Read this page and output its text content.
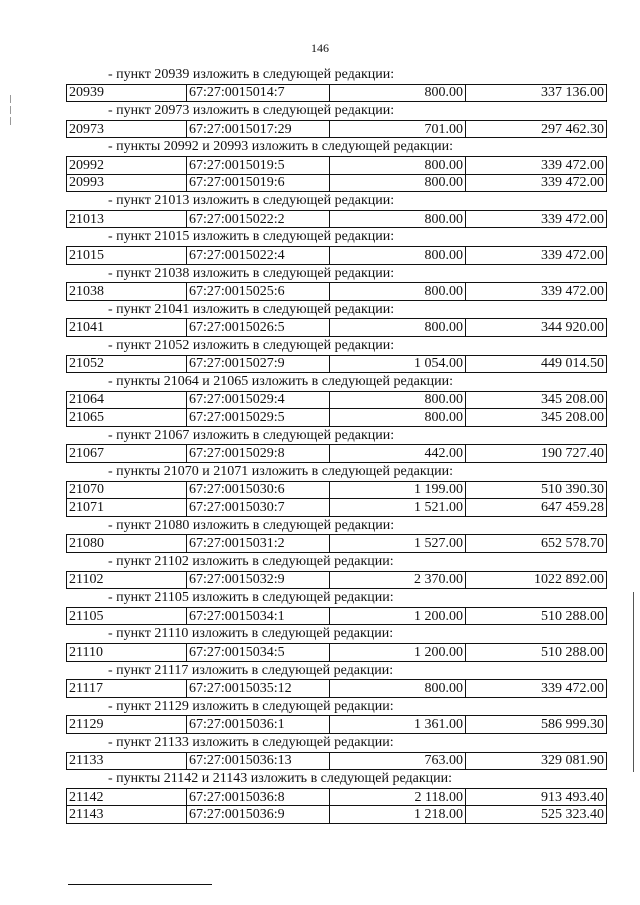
146
- пункт 20939 изложить в следующей редакции:
20939	67:27:0015014:7	800.00	337 136.00
- пункт 20973 изложить в следующей редакции:
20973	67:27:0015017:29	701.00	297 462.30
- пункты 20992 и 20993 изложить в следующей редакции:
20992	67:27:0015019:5	800.00	339 472.00
20993	67:27:0015019:6	800.00	339 472.00
- пункт 21013 изложить в следующей редакции:
21013	67:27:0015022:2	800.00	339 472.00
- пункт 21015 изложить в следующей редакции:
21015	67:27:0015022:4	800.00	339 472.00
- пункт 21038 изложить в следующей редакции:
21038	67:27:0015025:6	800.00	339 472.00
- пункт 21041 изложить в следующей редакции:
21041	67:27:0015026:5	800.00	344 920.00
- пункт 21052 изложить в следующей редакции:
21052	67:27:0015027:9	1 054.00	449 014.50
- пункты 21064 и 21065 изложить в следующей редакции:
21064	67:27:0015029:4	800.00	345 208.00
21065	67:27:0015029:5	800.00	345 208.00
- пункт 21067 изложить в следующей редакции:
21067	67:27:0015029:8	442.00	190 727.40
- пункты 21070 и 21071 изложить в следующей редакции:
21070	67:27:0015030:6	1 199.00	510 390.30
21071	67:27:0015030:7	1 521.00	647 459.28
- пункт 21080 изложить в следующей редакции:
21080	67:27:0015031:2	1 527.00	652 578.70
- пункт 21102 изложить в следующей редакции:
21102	67:27:0015032:9	2 370.00	1022 892.00
- пункт 21105 изложить в следующей редакции:
21105	67:27:0015034:1	1 200.00	510 288.00
- пункт 21110 изложить в следующей редакции:
21110	67:27:0015034:5	1 200.00	510 288.00
- пункт 21117 изложить в следующей редакции:
21117	67:27:0015035:12	800.00	339 472.00
- пункт 21129 изложить в следующей редакции:
21129	67:27:0015036:1	1 361.00	586 999.30
- пункт 21133 изложить в следующей редакции:
21133	67:27:0015036:13	763.00	329 081.90
- пункты 21142 и 21143 изложить в следующей редакции:
21142	67:27:0015036:8	2 118.00	913 493.40
21143	67:27:0015036:9	1 218.00	525 323.40
